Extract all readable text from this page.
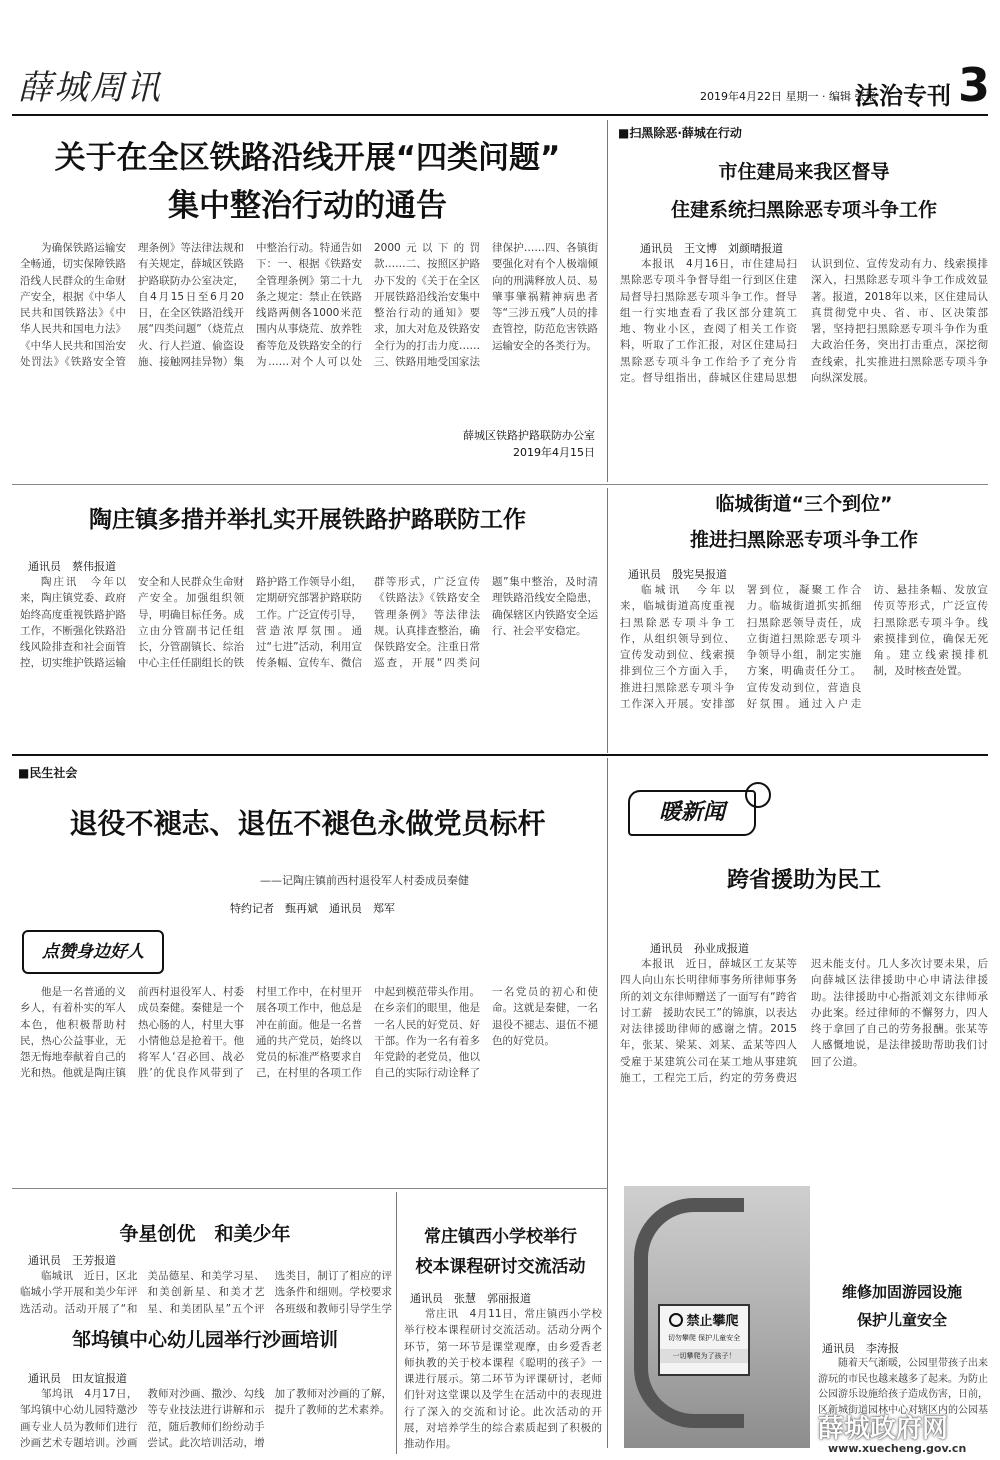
薛城周讯	2019年4月22日 星期一 · 编辑 张艳
法治专刊 3
关于在全区铁路沿线开展“四类问题”
集中整治行动的通告

为确保铁路运输安全畅通，切实保障铁路沿线人民群众的生命财产安全，根据《中华人民共和国铁路法》《中华人民共和国电力法》《中华人民共和国治安处罚法》《铁路安全管理条例》等法律法规和有关规定，薛城区铁路护路联防办公室决定，自4月15日至6月20日，在全区铁路沿线开展“四类问题”（烧荒点火、行人拦道、偷盗设施、接触网挂异物）集中整治行动。特通告如下：一、根据《铁路安全管理条例》第二十九条之规定：禁止在铁路线路两侧各1000米范围内从事烧荒、放养牲畜等危及铁路安全的行为……对个人可以处2000元以下的罚款……二、按照区护路办下发的《关于在全区开展铁路沿线治安集中整治行动的通知》要求，加大对危及铁路安全行为的打击力度……三、铁路用地受国家法律保护……四、各镇街要强化对有个人极端倾向的刑满释放人员、易肇事肇祸精神病患者等“三涉五残”人员的排查管控，防范危害铁路运输安全的各类行为。

薛城区铁路护路联防办公室
2019年4月15日
■扫黑除恶·薛城在行动
市住建局来我区督导
住建系统扫黑除恶专项斗争工作
通讯员　王文博　刘颜晴报道

本报讯　4月16日，市住建局扫黑除恶专项斗争督导组一行到区住建局督导扫黑除恶专项斗争工作。督导组一行实地查看了我区部分建筑工地、物业小区，查阅了相关工作资料，听取了工作汇报，对区住建局扫黑除恶专项斗争工作给予了充分肯定。督导组指出，薛城区住建局思想认识到位、宣传发动有力、线索摸排深入，扫黑除恶专项斗争工作成效显著。报道，2018年以来，区住建局认真贯彻党中央、省、市、区决策部署，坚持把扫黑除恶专项斗争作为重大政治任务，突出打击重点，深挖彻查线索，扎实推进扫黑除恶专项斗争向纵深发展。

陶庄镇多措并举扎实开展铁路护路联防工作
通讯员　蔡伟报道

陶庄讯　今年以来，陶庄镇党委、政府始终高度重视铁路护路工作，不断强化铁路沿线风险排查和社会面管控，切实维护铁路运输安全和人民群众生命财产安全。加强组织领导，明确目标任务。成立由分管副书记任组长，分管副镇长、综治中心主任任副组长的铁路护路工作领导小组，定期研究部署护路联防工作。广泛宣传引导，营造浓厚氛围。通过“七进”活动，利用宣传条幅、宣传车、微信群等形式，广泛宣传《铁路法》《铁路安全管理条例》等法律法规。认真排查整治，确保铁路安全。注重日常巡查，开展“四类问题”集中整治，及时清理铁路沿线安全隐患，确保辖区内铁路安全运行、社会平安稳定。

临城街道“三个到位”
推进扫黑除恶专项斗争工作
通讯员　殷宪昊报道

临城讯　今年以来，临城街道高度重视扫黑除恶专项斗争工作，从组织领导到位、宣传发动到位、线索摸排到位三个方面入手，推进扫黑除恶专项斗争工作深入开展。安排部署到位，凝聚工作合力。临城街道抓实抓细扫黑除恶领导责任，成立街道扫黑除恶专项斗争领导小组，制定实施方案，明确责任分工。宣传发动到位，营造良好氛围。通过入户走访、悬挂条幅、发放宣传页等形式，广泛宣传扫黑除恶专项斗争。线索摸排到位，确保无死角。建立线索摸排机制，及时核查处置。

■民生社会
退役不褪志、退伍不褪色永做党员标杆
——记陶庄镇前西村退役军人村委成员秦健
特约记者　甄再斌　通讯员　郑军
点赞身边好人

他是一名普通的义乡人，有着朴实的军人本色，他积极帮助村民，热心公益事业，无怨无悔地奉献着自己的光和热。他就是陶庄镇前西村退役军人、村委成员秦健。秦健是一个热心肠的人，村里大事小情他总是抢着干。他将军人‘召必回、战必胜’的优良作风带到了村里工作中，在村里开展各项工作中，他总是冲在前面。他是一名普通的共产党员，始终以党员的标准严格要求自己，在村里的各项工作中起到模范带头作用。在乡亲们的眼里，他是一名人民的好党员、好干部。作为一名有着多年党龄的老党员，他以自己的实际行动诠释了一名党员的初心和使命。这就是秦健，一名退役不褪志、退伍不褪色的好党员。

暖新闻
跨省援助为民工
通讯员　孙业成报道

本报讯　近日，薛城区工友某等四人向山东长明律师事务所律师事务所的刘文东律师赠送了一面写有“跨省讨工薪　援助农民工”的锦旗，以表达对法律援助律师的感谢之情。2015年，张某、梁某、刘某、孟某等四人受雇于某建筑公司在某工地从事建筑施工，工程完工后，约定的劳务费迟迟未能支付。几人多次讨要未果，后向薛城区法律援助中心申请法律援助。法律援助中心指派刘文东律师承办此案。经过律师的不懈努力，四人终于拿回了自己的劳务报酬。张某等人感慨地说，是法律援助帮助我们讨回了公道。

争星创优　和美少年
通讯员　王芳报道

临城讯　近日，区北临城小学开展和美少年评选活动。活动开展了“和美品德星、和美学习星、和美创新星、和美才艺星、和美团队星”五个评选类目，制订了相应的评选条件和细则。学校要求各班级和教师引导学生学

邹坞镇中心幼儿园举行沙画培训
通讯员　田友谊报道

邹坞讯　4月17日，邹坞镇中心幼儿园特邀沙画专业人员为教师们进行沙画艺术专题培训。沙画教师对沙画、撒沙、勾线等专业技法进行讲解和示范，随后教师们纷纷动手尝试。此次培训活动，增加了教师对沙画的了解，提升了教师的艺术素养。

常庄镇西小学校举行
校本课程研讨交流活动
通讯员　张慧　郭丽报道

常庄讯　4月11日，常庄镇西小学校举行校本课程研讨交流活动。活动分两个环节，第一环节是课堂观摩，由乡爱香老师执教的关于校本课程《聪明的孩子》一课进行展示。第二环节为评课研讨，老师们针对这堂课以及学生在活动中的表现进行了深入的交流和讨论。此次活动的开展，对培养学生的综合素质起到了积极的推动作用。

禁止攀爬
切勿攀爬 保护儿童安全
一切攀爬为了孩子！
维修加固游园设施
保护儿童安全
通讯员　李涛报

随着天气渐暖，公园里带孩子出来游玩的市民也越来越多了起来。为防止公园游乐设施给孩子造成伤害，日前，区新城街道园林中心对辖区内的公园基

薛城政府网
www.xuecheng.gov.cn
